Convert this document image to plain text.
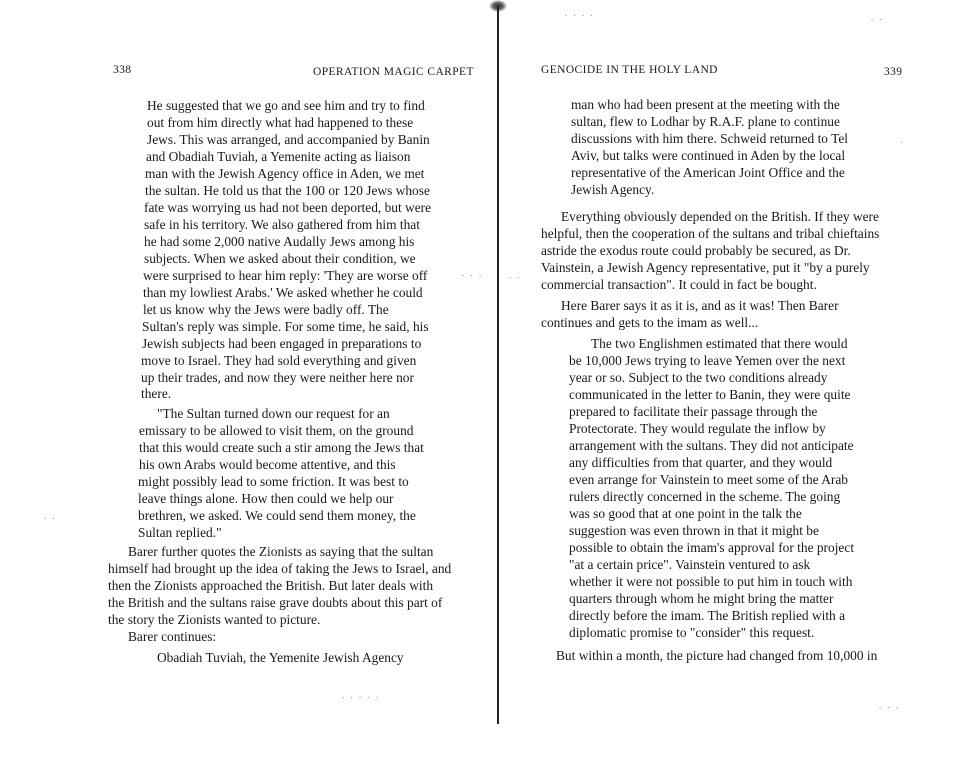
338	OPERATION MAGIC CARPET
He suggested that we go and see him and try to find
out from him directly what had happened to these
Jews. This was arranged, and accompanied by Banin
and Obadiah Tuviah, a Yemenite acting as liaison
man with the Jewish Agency office in Aden, we met
the sultan. He told us that the 100 or 120 Jews whose
fate was worrying us had not been deported, but were
safe in his territory. We also gathered from him that
he had some 2,000 native Audally Jews among his
subjects. When we asked about their condition, we
were surprised to hear him reply: 'They are worse off
than my lowliest Arabs.' We asked whether he could
let us know why the Jews were badly off. The
Sultan's reply was simple. For some time, he said, his
Jewish subjects had been engaged in preparations to
move to Israel. They had sold everything and given
up their trades, and now they were neither here nor
there.
"The Sultan turned down our request for an
emissary to be allowed to visit them, on the ground
that this would create such a stir among the Jews that
his own Arabs would become attentive, and this
might possibly lead to some friction. It was best to
leave things alone. How then could we help our
brethren, we asked. We could send them money, the
Sultan replied."
Barer further quotes the Zionists as saying that the sultan
himself had brought up the idea of taking the Jews to Israel, and
then the Zionists approached the British. But later deals with
the British and the sultans raise grave doubts about this part of
the story the Zionists wanted to picture.
Barer continues:
Obadiah Tuviah, the Yemenite Jewish Agency
. . .
. .
. . . . .
GENOCIDE IN THE HOLY LAND	339
man who had been present at the meeting with the
sultan, flew to Lodhar by R.A.F. plane to continue
discussions with him there. Schweid returned to Tel
Aviv, but talks were continued in Aden by the local
representative of the American Joint Office and the
Jewish Agency.
Everything obviously depended on the British. If they were
helpful, then the cooperation of the sultans and tribal chieftains
astride the exodus route could probably be secured, as Dr.
Vainstein, a Jewish Agency representative, put it "by a purely
commercial transaction". It could in fact be bought.
Here Barer says it as it is, and as it was! Then Barer
continues and gets to the imam as well...
The two Englishmen estimated that there would
be 10,000 Jews trying to leave Yemen over the next
year or so. Subject to the two conditions already
communicated in the letter to Banin, they were quite
prepared to facilitate their passage through the
Protectorate. They would regulate the inflow by
arrangement with the sultans. They did not anticipate
any difficulties from that quarter, and they would
even arrange for Vainstein to meet some of the Arab
rulers directly concerned in the scheme. The going
was so good that at one point in the talk the
suggestion was even thrown in that it might be
possible to obtain the imam's approval for the project
"at a certain price". Vainstein ventured to ask
whether it were not possible to put him in touch with
quarters through whom he might bring the matter
directly before the imam. The British replied with a
diplomatic promise to "consider" this request.
But within a month, the picture had changed from 10,000 in
. . . .	. .
. .
.
. . .
